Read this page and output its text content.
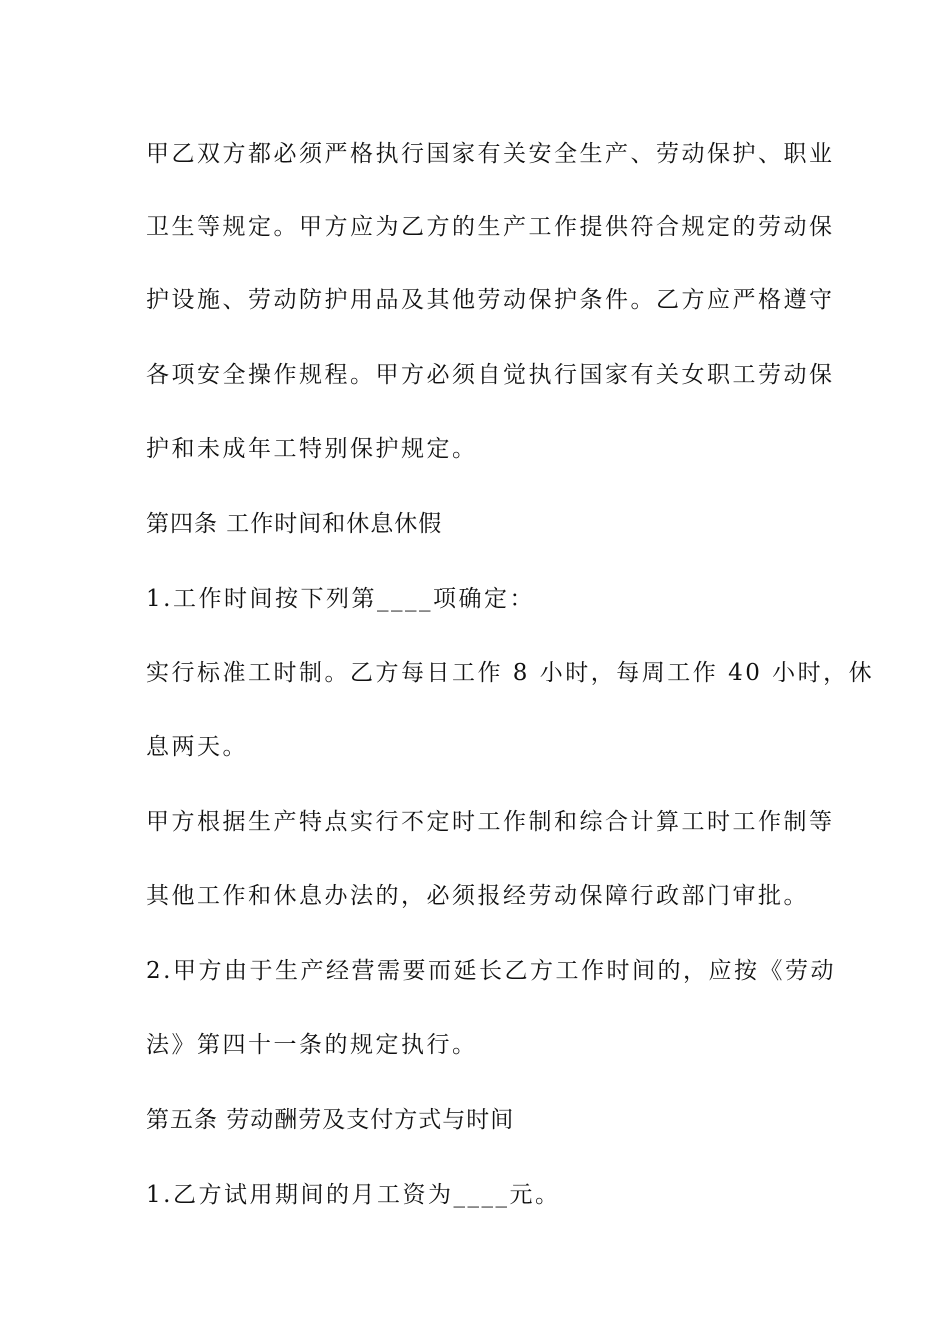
甲乙双方都必须严格执行国家有关安全生产、劳动保护、职业
卫生等规定。甲方应为乙方的生产工作提供符合规定的劳动保
护设施、劳动防护用品及其他劳动保护条件。乙方应严格遵守
各项安全操作规程。甲方必须自觉执行国家有关女职工劳动保
护和未成年工特别保护规定。
第四条 工作时间和休息休假
1.工作时间按下列第____项确定：
实行标准工时制。乙方每日工作 8 小时，每周工作 40 小时，休
息两天。
甲方根据生产特点实行不定时工作制和综合计算工时工作制等
其他工作和休息办法的，必须报经劳动保障行政部门审批。
2.甲方由于生产经营需要而延长乙方工作时间的，应按《劳动
法》第四十一条的规定执行。
第五条 劳动酬劳及支付方式与时间
1.乙方试用期间的月工资为____元。
